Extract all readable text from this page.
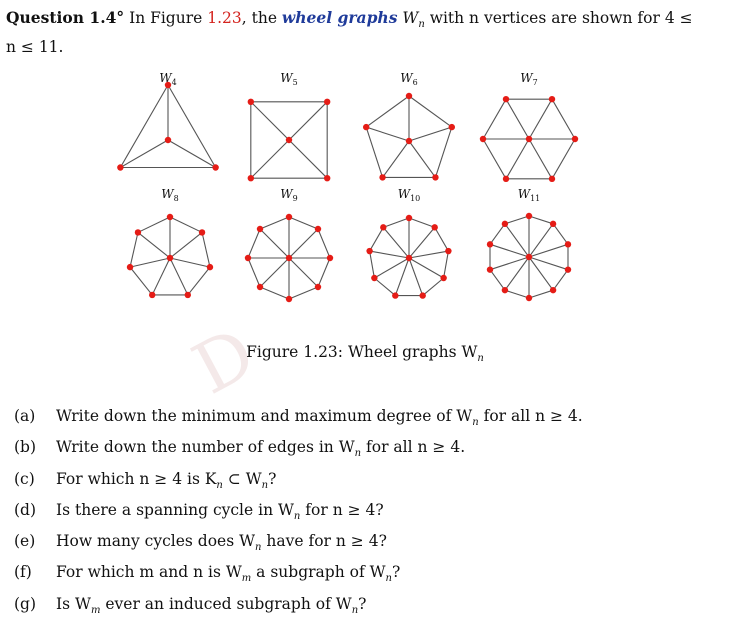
Question 1.4° In Figure 1.23, the wheel graphs $W_n$ with n vertices are shown for 4 ≤
n ≤ 11.
D
$W_4$	$W_5$	$W_6$	$W_7$
$W_8$	$W_9$	$W_{10}$	$W_{11}$
Figure 1.23: Wheel graphs $W_n$
(a)	Write down the minimum and maximum degree of $W_n$ for all n ≥ 4.
(b)	Write down the number of edges in $W_n$ for all n ≥ 4.
(c)	For which n ≥ 4 is $K_n$ ⊂ $W_n$?
(d)	Is there a spanning cycle in $W_n$ for n ≥ 4?
(e)	How many cycles does $W_n$ have for n ≥ 4?
(f)	For which m and n is $W_m$ a subgraph of $W_n$?
(g)	Is $W_m$ ever an induced subgraph of $W_n$?
